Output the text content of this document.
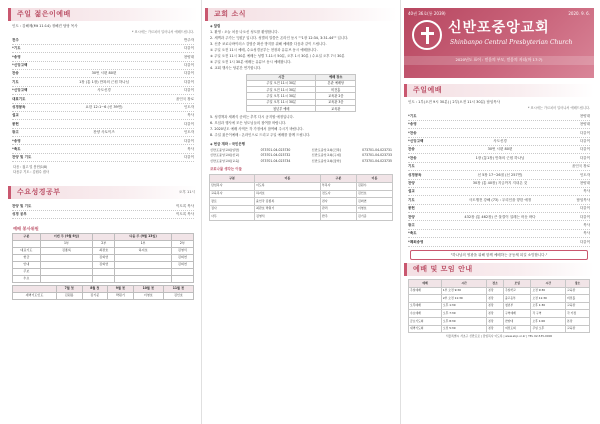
주일 젊은이예배
인도 : 김해제(Mt 11:14) 정해진 담당 목사
* 표시에는 가르치어 일어나서 예배드립니다.
전주	반주자
*기도	다같이
*송영	찬양대
*신앙고백	다같이
찬송	30번 시편 80편	다같이
기도	1장 (통 1장) 만복의 근원 하나님	다같이
*신앙고백	사도신경	다같이
대표기도	윤인국 장로
성경봉독	요한 12:1~6 (신 39면)	인도자
설교	목사
봉헌	다같이
광고	찬양 사토이즈	인도자
*송영	다같이
*축도	목사
찬양 및 기도	다같이
다음 : 젊고 및 봉헌(1/8)
다음주 기도 : 김원수 집사
수요성경공부	오후 11시
찬양 및 기도	이도록 목사
성경 공부	이도록 목사
예배 봉사위원
구분	이번 주 (9월 6일)		다음 주 (9월 13일)	
	1부	2부	1부	2부
대표기도	김종록	최관호	하지호	김영식
헌금		김외연		김외연
안내		김외연		김외연
주보				
수요				
	7월 첫	8월 첫	9월 첫	10월 첫	11월 첫
새벽기도인도	김원용	김기준	박원기	이영호	김인호
교회 소식
◈ 알림
1. 환영 : 오늘 처음 나오신 성도를 환영합니다.
2. 새벽과 주가는 "[원]" 입니다. 성별의 말씀은 온라인 동시 ""1장 12:34, 3:31-44"" 입니다.
3. 신종 코로나바이러스 감염증 확산 방지를 위해 예배를 다음과 같이 드립니다.
① 주일 오전 11시 예배, 수요성경공부는 현장과 유튜브 동시 예배합니다.
② 주일 오전 11시 30분 예배는 성별 7-11시 50분, 오후 1시 30분 / 수요일 오후 7시 30분
③ 주일 오전 1시 30분 예배는 유튜브 동시 예배합니다.
4. 교회 행사는 당분간 연기합니다.
시간	예배 장소
주일 오전 11시 30분	본관 예배당
주일 오전 11시 30분	비전홀
주일 오후 11시 30분	교육관 2층
주일 오후 11시 30분	교육관 3층
청년부 예배	교육관
5. 성경책과 세례식 준비는 추후 다시 공지할 예정입니다.
6. 모임과 행사에 모든 성도님들의 참여를 바랍니다.
7. 2020년도 예배 사역은 각 가정에서 참여해 주시기 바랍니다.
8. 주일 젊은이예배 : 온라인으로 드리고 주일 예배를 함께 드립니다.
◈ 헌금 계좌 : 국민은행
신반포중앙교회(일반)	073701-04-023730	신반포중앙교회(건축)	073701-04-023731
신반포중앙교회(선교)	073701-04-023732	신반포중앙교회(구제)	073701-04-023733
신반포중앙교회(교육)	073701-04-023734	신반포중앙교회(장학)	073701-04-023735
코로나를 생각는 이들
구분	이름	구분	이름
담임목사	이도록	부목사	김원수
교육목사	하지호	전도사	김인호
장로	윤인국 김종록	권사	김외연
집사	최관호 박원기	관리	이영호
사무	김영식	반주	김기준
40권 36호(통 2039)	2020. 9. 6.
신반포중앙교회
Shinbanpo Central Presbyterian Church
2020년도 표어 : 믿음의 부모, 믿음의 자녀(마 17:7)
주일예배
인도 : 1부(오전 9시 30분) | 2부(오전 11시 30분) 담임목사
* 표시에는 가르치어 일어나서 예배드립니다.
*기도	찬양대
*송영	찬양대
*찬송	다같이
*신앙고백	사도신경	다같이
찬송	30번 시편 80편	다같이
*찬송	1장 (통1장) 만복의 근원 하나님	다같이
기도	윤인국 장로
성경봉독	신 5장 17~26절 (신 257면)	인도자
찬양	30장 (통 40장) 지금까지 지내온 것	찬양대
설교	목사
기도	사도행전 강해 (73) : 우리인을 향한 예정	담임목사
봉헌	다같이
찬양	432장 (통 462장) 큰 물결이 설레는 어둔 바다	다같이
광고	목사
*축도	목사
*폐회송영	다같이
"하나님의 영광을 위해 함께 예배하는 공동체 되길 소망합니다."
예배 및 모임 안내
예배	시간	장소	모임	시간	장소
주일예배	1부 오전 9:30	본당	주일학교	오전 9:30	교육관
	2부 오전 11:30	본당	중고등부	오전 11:30	비전홀
오후예배	오후 1:30	본당	청년부	오후 1:30	교육관
수요예배	오후 7:30	본당	구역예배	각 구역	각 가정
금요기도회	오후 8:30	본당	찬양대	오후 1:00	본당
새벽기도회	오전 5:30	본당	여전도회	주일 오후	교육관
서울특별시 서초구 신반포로 | 담임목사 이도록 | www.sbjc.or.kr | TEL 02-535-0000
